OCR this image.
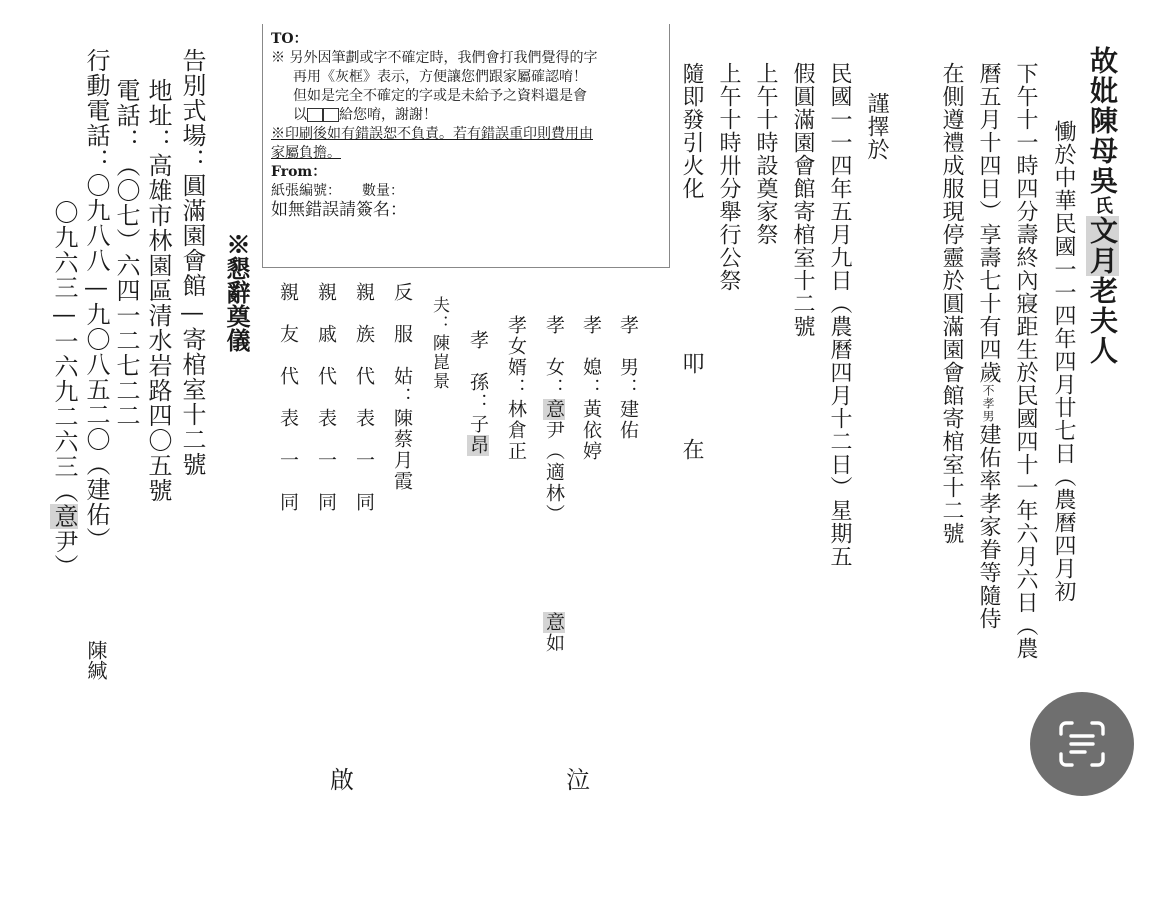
TO：
※ 另外因筆劃或字不確定時，我們會打我們覺得的字
再用《灰框》表示，方便讓您們跟家屬確認唷！
但如是完全不確定的字或是未給予之資料還是會
以 給您唷，謝謝！
※印刷後如有錯誤恕不負責。若有錯誤重印則費用由
家屬負擔。
From：
紙張編號：　　數量：
如無錯誤請簽名：
故妣陳母吳氏文月老夫人
慟於中華民國一一四年四月廿七日（農曆四月初
下午十一時四分壽終內寢距生於民國四十一年六月六日（農
曆五月十四日）享壽七十有四歲不孝男建佑率孝家眷等隨侍
在側遵禮成服現停靈於圓滿園會館寄棺室十二號
謹擇於
民國一一四年五月九日（農曆四月十二日）星期五
假圓滿園會館寄棺室十二號
上午十時設奠家祭
上午十時卅分舉行公祭
隨即發引火化
叩
在
孝　男：建佑
孝　媳：黃依婷
孝　女：意尹（適林）
意如
孝女婿：林倉正
孝　孫：子昂
夫：陳崑景
反　服　姑：陳蔡月霞
親　族　代　表　一　同
親　戚　代　表　一　同
親　友　代　表　一　同
※懇辭奠儀
告別式場：圓滿園會館—寄棺室十二號
地址：高雄市林園區清水岩路四〇五號
電話：（〇七）六四一二七二二
行動電話：〇九八八—九〇八五二〇（建佑）
〇九六三—一六九二六三（意尹）
陳緘
啟	泣
